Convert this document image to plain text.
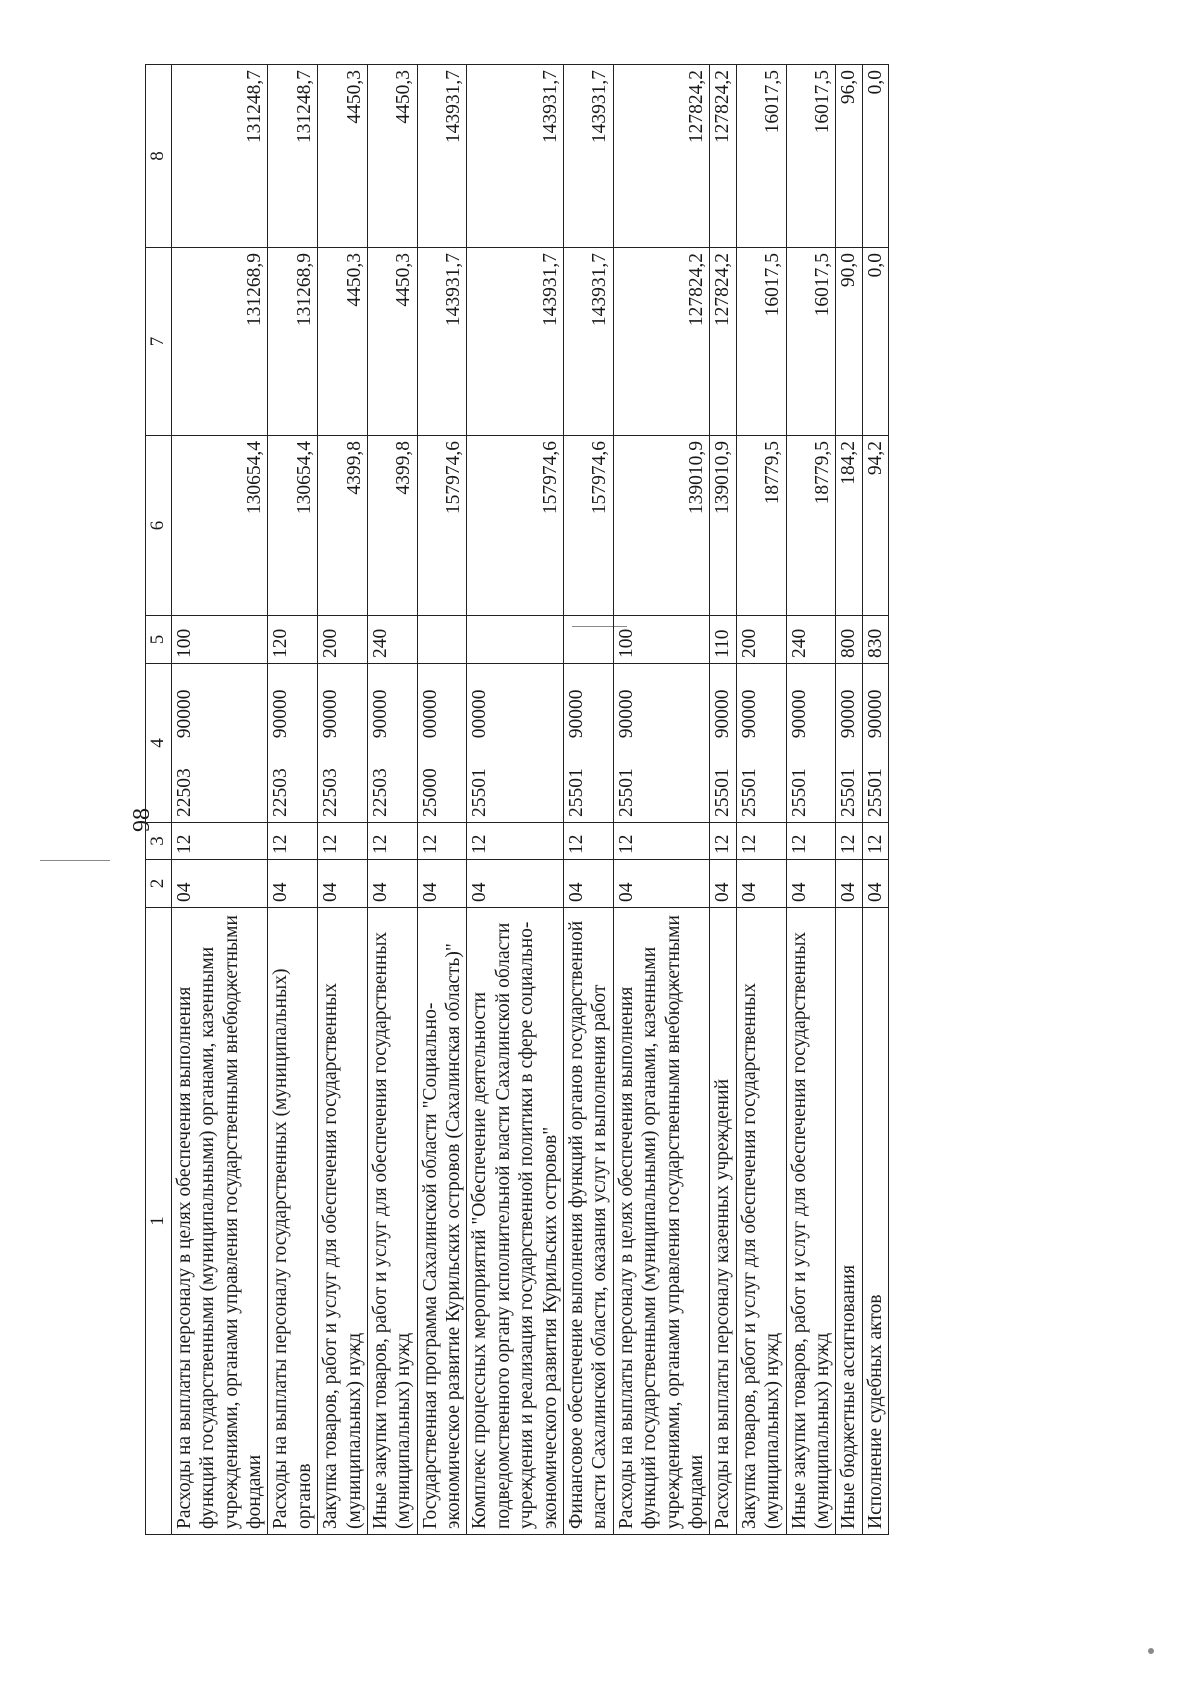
98
1	2	3	4	5	6	7	8
Расходы на выплаты персоналу в целях обеспечения выполнения функций государственными (муниципальными) органами, казенными учреждениями, органами управления государственными внебюджетными фондами	04	12	2250390000	100	130654,4	131268,9	131248,7
Расходы на выплаты персоналу государственных (муниципальных) органов	04	12	2250390000	120	130654,4	131268,9	131248,7
Закупка товаров, работ и услуг для обеспечения государственных (муниципальных) нужд	04	12	2250390000	200	4399,8	4450,3	4450,3
Иные закупки товаров, работ и услуг для обеспечения государственных (муниципальных) нужд	04	12	2250390000	240	4399,8	4450,3	4450,3
Государственная программа Сахалинской области "Социально-экономическое развитие Курильских островов (Сахалинская область)"	04	12	2500000000		157974,6	143931,7	143931,7
Комплекс процессных мероприятий "Обеспечение деятельности подведомственного органу исполнительной власти Сахалинской области учреждения и реализация государственной политики в сфере социально-экономического развития Курильских островов"	04	12	2550100000		157974,6	143931,7	143931,7
Финансовое обеспечение выполнения функций органов государственной власти Сахалинской области, оказания услуг и выполнения работ	04	12	2550190000		157974,6	143931,7	143931,7
Расходы на выплаты персоналу в целях обеспечения выполнения функций государственными (муниципальными) органами, казенными учреждениями, органами управления государственными внебюджетными фондами	04	12	2550190000	100	139010,9	127824,2	127824,2
Расходы на выплаты персоналу казенных учреждений	04	12	2550190000	110	139010,9	127824,2	127824,2
Закупка товаров, работ и услуг для обеспечения государственных (муниципальных) нужд	04	12	2550190000	200	18779,5	16017,5	16017,5
Иные закупки товаров, работ и услуг для обеспечения государственных (муниципальных) нужд	04	12	2550190000	240	18779,5	16017,5	16017,5
Иные бюджетные ассигнования	04	12	2550190000	800	184,2	90,0	96,0
Исполнение судебных актов	04	12	2550190000	830	94,2	0,0	0,0
